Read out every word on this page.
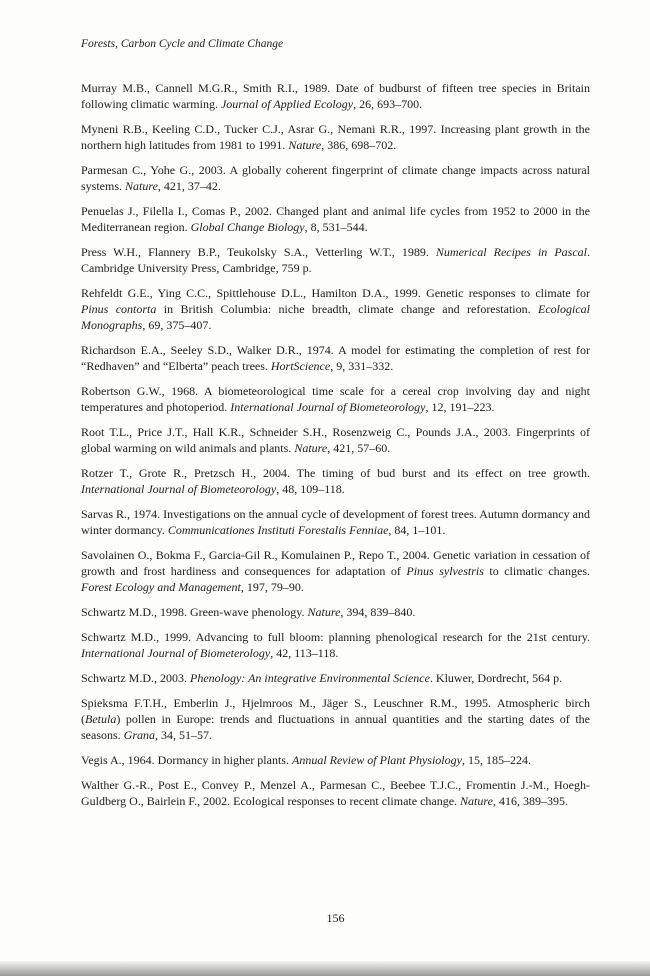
Forests, Carbon Cycle and Climate Change

Murray M.B., Cannell M.G.R., Smith R.I., 1989. Date of budburst of fifteen tree species in Britain following climatic warming. Journal of Applied Ecology, 26, 693–700.

Myneni R.B., Keeling C.D., Tucker C.J., Asrar G., Nemani R.R., 1997. Increasing plant growth in the northern high latitudes from 1981 to 1991. Nature, 386, 698–702.

Parmesan C., Yohe G., 2003. A globally coherent fingerprint of climate change impacts across natural systems. Nature, 421, 37–42.

Penuelas J., Filella I., Comas P., 2002. Changed plant and animal life cycles from 1952 to 2000 in the Mediterranean region. Global Change Biology, 8, 531–544.

Press W.H., Flannery B.P., Teukolsky S.A., Vetterling W.T., 1989. Numerical Recipes in Pascal. Cambridge University Press, Cambridge, 759 p.

Rehfeldt G.E., Ying C.C., Spittlehouse D.L., Hamilton D.A., 1999. Genetic responses to climate for Pinus contorta in British Columbia: niche breadth, climate change and reforestation. Ecological Monographs, 69, 375–407.

Richardson E.A., Seeley S.D., Walker D.R., 1974. A model for estimating the completion of rest for “Redhaven” and “Elberta” peach trees. HortScience, 9, 331–332.

Robertson G.W., 1968. A biometeorological time scale for a cereal crop involving day and night temperatures and photoperiod. International Journal of Biometeorology, 12, 191–223.

Root T.L., Price J.T., Hall K.R., Schneider S.H., Rosenzweig C., Pounds J.A., 2003. Fingerprints of global warming on wild animals and plants. Nature, 421, 57–60.

Rotzer T., Grote R., Pretzsch H., 2004. The timing of bud burst and its effect on tree growth. International Journal of Biometeorology, 48, 109–118.

Sarvas R., 1974. Investigations on the annual cycle of development of forest trees. Autumn dormancy and winter dormancy. Communicationes Instituti Forestalis Fenniae, 84, 1–101.

Savolainen O., Bokma F., Garcia-Gil R., Komulainen P., Repo T., 2004. Genetic variation in cessation of growth and frost hardiness and consequences for adaptation of Pinus sylvestris to climatic changes. Forest Ecology and Management, 197, 79–90.

Schwartz M.D., 1998. Green-wave phenology. Nature, 394, 839–840.

Schwartz M.D., 1999. Advancing to full bloom: planning phenological research for the 21st century. International Journal of Biometerology, 42, 113–118.

Schwartz M.D., 2003. Phenology: An integrative Environmental Science. Kluwer, Dordrecht, 564 p.

Spieksma F.T.H., Emberlin J., Hjelmroos M., Jäger S., Leuschner R.M., 1995. Atmospheric birch (Betula) pollen in Europe: trends and fluctuations in annual quantities and the starting dates of the seasons. Grana, 34, 51–57.

Vegis A., 1964. Dormancy in higher plants. Annual Review of Plant Physiology, 15, 185–224.

Walther G.-R., Post E., Convey P., Menzel A., Parmesan C., Beebee T.J.C., Fromentin J.-M., Hoegh-Guldberg O., Bairlein F., 2002. Ecological responses to recent climate change. Nature, 416, 389–395.

156
